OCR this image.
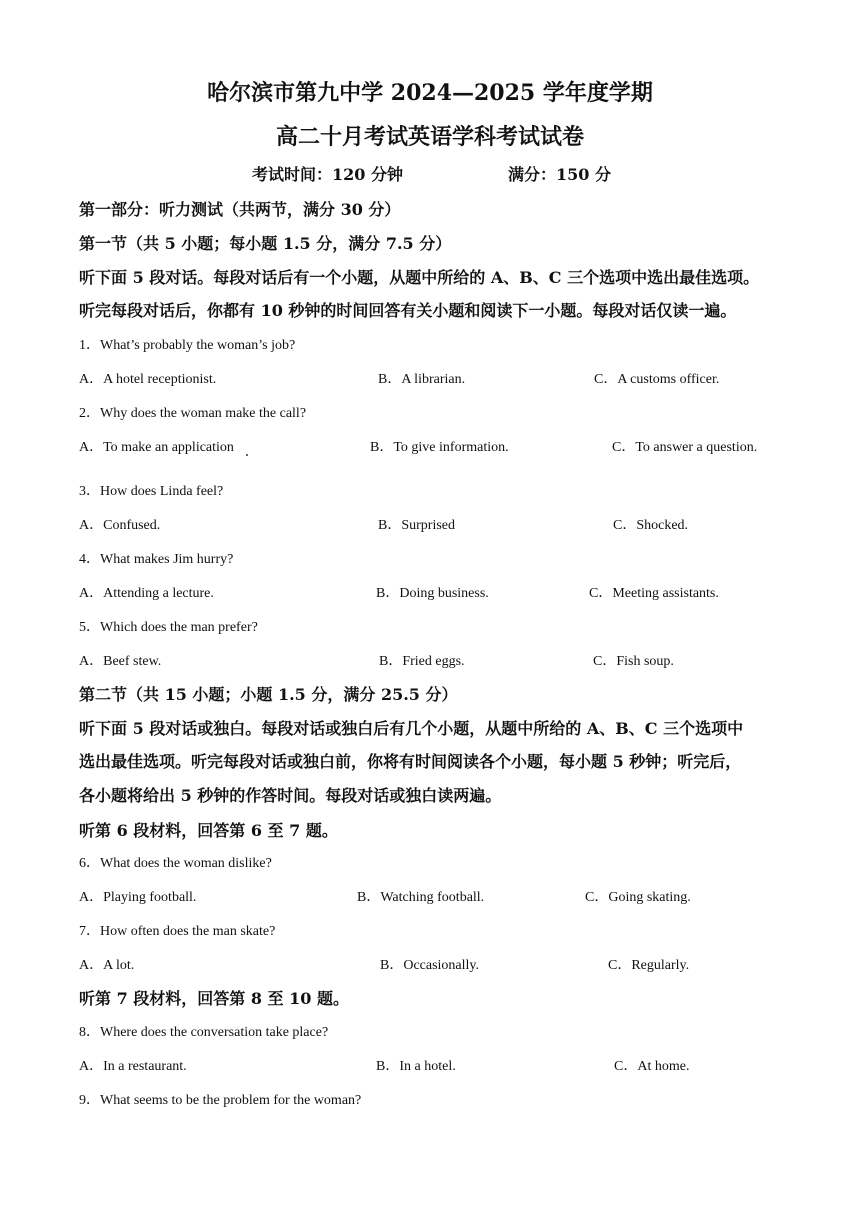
哈尔滨市第九中学 2024—2025 学年度学期
高二十月考试英语学科考试试卷
考试时间：120 分钟	满分：150 分
第一部分：听力测试（共两节，满分 30 分）
第一节（共 5 小题；每小题 1.5 分，满分 7.5 分）
听下面 5 段对话。每段对话后有一个小题，从题中所给的 A、B、C 三个选项中选出最佳选项。
听完每段对话后，你都有 10 秒钟的时间回答有关小题和阅读下一小题。每段对话仅读一遍。
1．What’s probably the woman’s job?
A．A hotel receptionist.	B．A librarian.	C．A customs officer.
2．Why does the woman make the call?
A．To make an application	B．To give information.	C．To answer a question.
3．How does Linda feel?
A．Confused.	B．Surprised	C．Shocked.
4．What makes Jim hurry?
A．Attending a lecture.	B．Doing business.	C．Meeting assistants.
5．Which does the man prefer?
A．Beef stew.	B．Fried eggs.	C．Fish soup.
第二节（共 15 小题；小题 1.5 分，满分 25.5 分）
听下面 5 段对话或独白。每段对话或独白后有几个小题，从题中所给的 A、B、C 三个选项中
选出最佳选项。听完每段对话或独白前，你将有时间阅读各个小题，每小题 5 秒钟；听完后，
各小题将给出 5 秒钟的作答时间。每段对话或独白读两遍。
听第 6 段材料，回答第 6 至 7 题。
6．What does the woman dislike?
A．Playing football.	B．Watching football.	C．Going skating.
7．How often does the man skate?
A．A lot.	B．Occasionally.	C．Regularly.
听第 7 段材料，回答第 8 至 10 题。
8．Where does the conversation take place?
A．In a restaurant.	B．In a hotel.	C．At home.
9．What seems to be the problem for the woman?
